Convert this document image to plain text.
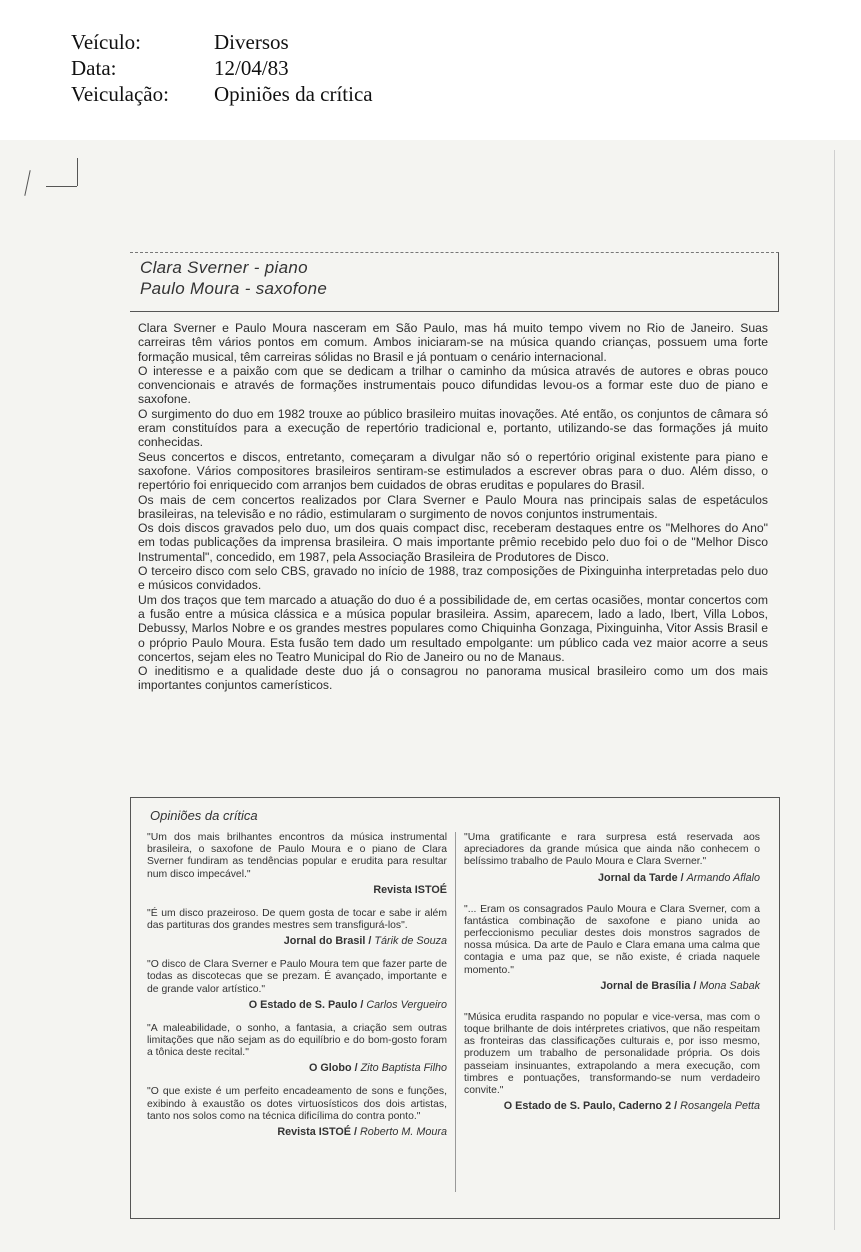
Veículo:	Diversos
Data:	12/04/83
Veiculação: Opiniões da crítica
Clara Sverner - piano
Paulo Moura - saxofone

Clara Sverner e Paulo Moura nasceram em São Paulo, mas há muito tempo vivem no Rio de Janeiro. Suas carreiras têm vários pontos em comum. Ambos iniciaram-se na música quando crianças, possuem uma forte formação musical, têm carreiras sólidas no Brasil e já pontuam o cenário internacional.

O interesse e a paixão com que se dedicam a trilhar o caminho da música através de autores e obras pouco convencionais e através de formações instrumentais pouco difundidas levou-os a formar este duo de piano e saxofone.

O surgimento do duo em 1982 trouxe ao público brasileiro muitas inovações. Até então, os conjuntos de câmara só eram constituídos para a execução de repertório tradicional e, portanto, utilizando-se das formações já muito conhecidas.

Seus concertos e discos, entretanto, começaram a divulgar não só o repertório original existente para piano e saxofone. Vários compositores brasileiros sentiram-se estimulados a escrever obras para o duo. Além disso, o repertório foi enriquecido com arranjos bem cuidados de obras eruditas e populares do Brasil.

Os mais de cem concertos realizados por Clara Sverner e Paulo Moura nas principais salas de espetáculos brasileiras, na televisão e no rádio, estimularam o surgimento de novos conjuntos instrumentais.

Os dois discos gravados pelo duo, um dos quais compact disc, receberam destaques entre os "Melhores do Ano" em todas publicações da imprensa brasileira. O mais importante prêmio recebido pelo duo foi o de "Melhor Disco Instrumental", concedido, em 1987, pela Associação Brasileira de Produtores de Disco.

O terceiro disco com selo CBS, gravado no início de 1988, traz composições de Pixinguinha interpretadas pelo duo e músicos convidados.

Um dos traços que tem marcado a atuação do duo é a possibilidade de, em certas ocasiões, montar concertos com a fusão entre a música clássica e a música popular brasileira. Assim, aparecem, lado a lado, Ibert, Villa Lobos, Debussy, Marlos Nobre e os grandes mestres populares como Chiquinha Gonzaga, Pixinguinha, Vitor Assis Brasil e o próprio Paulo Moura. Esta fusão tem dado um resultado empolgante: um público cada vez maior acorre a seus concertos, sejam eles no Teatro Municipal do Rio de Janeiro ou no de Manaus.

O ineditismo e a qualidade deste duo já o consagrou no panorama musical brasileiro como um dos mais importantes conjuntos camerísticos.

Opiniões da crítica

"Um dos mais brilhantes encontros da música instrumental brasileira, o saxofone de Paulo Moura e o piano de Clara Sverner fundiram as tendências popular e erudita para resultar num disco impecável."

Revista ISTOÉ

"É um disco prazeiroso. De quem gosta de tocar e sabe ir além das partituras dos grandes mestres sem transfigurá-los".

Jornal do Brasil / Tárik de Souza

"O disco de Clara Sverner e Paulo Moura tem que fazer parte de todas as discotecas que se prezam. É avançado, importante e de grande valor artístico."

O Estado de S. Paulo / Carlos Vergueiro

"A maleabilidade, o sonho, a fantasia, a criação sem outras limitações que não sejam as do equilíbrio e do bom-gosto foram a tônica deste recital."

O Globo / Zito Baptista Filho

"O que existe é um perfeito encadeamento de sons e funções, exibindo à exaustão os dotes virtuosísticos dos dois artistas, tanto nos solos como na técnica dificílima do contra ponto."

Revista ISTOÉ / Roberto M. Moura

"Uma gratificante e rara surpresa está reservada aos apreciadores da grande música que ainda não conhecem o belíssimo trabalho de Paulo Moura e Clara Sverner."

Jornal da Tarde / Armando Aflalo

"... Eram os consagrados Paulo Moura e Clara Sverner, com a fantástica combinação de saxofone e piano unida ao perfeccionismo peculiar destes dois monstros sagrados de nossa música. Da arte de Paulo e Clara emana uma calma que contagia e uma paz que, se não existe, é criada naquele momento."

Jornal de Brasília / Mona Sabak

"Música erudita raspando no popular e vice-versa, mas com o toque brilhante de dois intérpretes criativos, que não respeitam as fronteiras das classificações culturais e, por isso mesmo, produzem um trabalho de personalidade própria. Os dois passeiam insinuantes, extrapolando a mera execução, com timbres e pontuações, transformando-se num verdadeiro convite."

O Estado de S. Paulo, Caderno 2 / Rosangela Petta
